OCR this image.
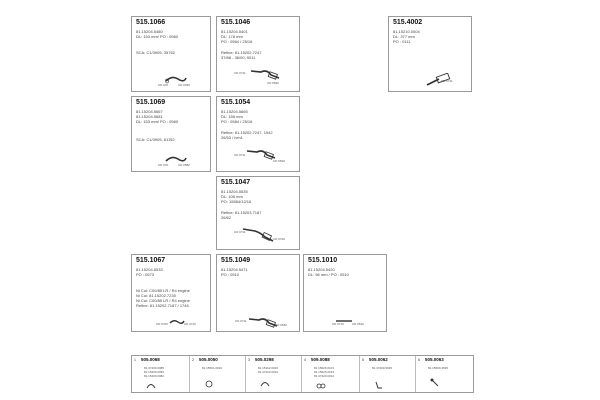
515.1066
81.15204.5480
DL: 153 mm/ PO : 0560
SCA: C1/3905, 35762
CD 070	CD 0330
515.1046
81.15204.5401
DL: 178 mm
PO : 0564 / 25/16
Refine: 81.15202.7247
37/88 - 36/00, 9011
CD 0711
CD 6590
515.4002
81.15210.0004
DL: 377 mm
PO : 0111
CD 0711
515.1069
81.15204.5667
81.15204.5681
DL: 153 mm/ PO : 0560
SCA: C1/3905, 81152
CD 070	CD 0582
515.1054
81.15204.5665
DL: 156 mm
PO : 0584 / 25/16
Refine: 81.15202.7247, 1942
26/53 / lvm1
CD 0711
CD 5540
515.1047
81.15204.5535
DL: 106 mm
PO: 15584/12/16
Refine: 81.15203.7187
26/62
CD 0711
CD 0740
515.1067
81.15204.5533
PO : 0573
Ni Cui: C00/85 LR / R4 engine
Ni Cui: 81.15202.7235
Ni Cui: C00/85 LR / R4 engine
Refine: 81.15202.7187 / 1746
CD 0700	CD 0710
515.1049
81.15204.5471
PO : 0510
CD 0711
CD 0540
515.1010
81.15204.5420
DL: 56 mm / PO : 0510
CD 0710	CD 0510
1 505.0068
81.37409.0085
81.15409.0092
81.15409.0082
2 505.0050
81.15501.0016
3 505.0298
81.15162.0010
81.37420.0010
4 509.0088
81.15626.0103
81.15626.0163
81.37420.0012
5 505.0062
81.37409.5045
6 505.0063
81.15509.3535
